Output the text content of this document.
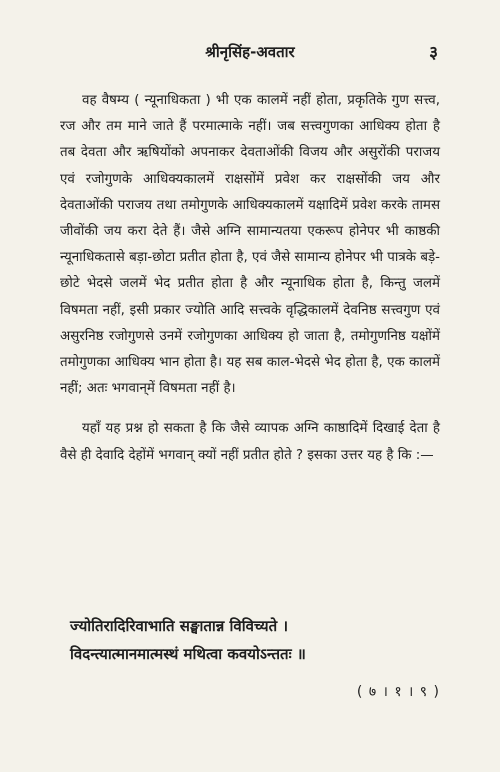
श्रीनृसिंह-अवतार	३

वह वैषम्य ( न्यूनाधिकता ) भी एक कालमें नहीं होता, प्रकृतिके गुण सत्त्व, रज और तम माने जाते हैं परमात्माके नहीं। जब सत्त्वगुणका आधिक्य होता है तब देवता और ऋषियोंको अपनाकर देवताओंकी विजय और असुरोंकी पराजय एवं रजोगुणके आधिक्यकालमें राक्षसोंमें प्रवेश कर राक्षसोंकी जय और देवताओंकी पराजय तथा तमोगुणके आधिक्यकालमें यक्षादिमें प्रवेश करके तामस जीवोंकी जय करा देते हैं। जैसे अग्नि सामान्यतया एकरूप होनेपर भी काष्ठकी न्यूनाधिकतासे बड़ा-छोटा प्रतीत होता है, एवं जैसे सामान्य होनेपर भी पात्रके बड़े-छोटे भेदसे जलमें भेद प्रतीत होता है और न्यूनाधिक होता है, किन्तु जलमें विषमता नहीं, इसी प्रकार ज्योति आदि सत्त्वके वृद्धिकालमें देवनिष्ठ सत्त्वगुण एवं असुरनिष्ठ रजोगुणसे उनमें रजोगुणका आधिक्य हो जाता है, तमोगुणनिष्ठ यक्षोंमें तमोगुणका आधिक्य भान होता है। यह सब काल-भेदसे भेद होता है, एक कालमें नहीं; अतः भगवान्‌में विषमता नहीं है।

यहाँ यह प्रश्न हो सकता है कि जैसे व्यापक अग्नि काष्ठादिमें दिखाई देता है वैसे ही देवादि देहोंमें भगवान् क्यों नहीं प्रतीत होते ? इसका उत्तर यह है कि :—

ज्योतिरादिरिवाभाति सङ्घातान्न विविच्यते ।
विदन्त्यात्मानमात्मस्थं मथित्वा कवयोऽन्ततः ॥
( ७ । १ । ९ )
